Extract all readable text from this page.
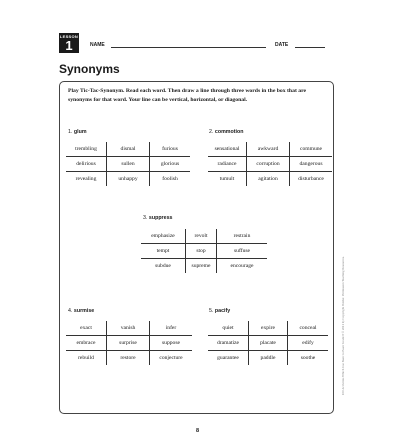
LESSON
1	NAME	DATE
Synonyms
Play Tic-Tac-Synonym. Read each word. Then draw a line through three words in the box that are synonyms for that word. Your line can be vertical, horizontal, or diagonal.
1. glum
trembling	dismal	furious
delirious	sullen	glorious
revealing	unhappy	foolish
2. commotion
sensational	awkward	commune
radiance	corruption	dangerous
tumult	agitation	disturbance
3. suppress
emphasize	revolt	restrain
tempt	stop	suffuse
subdue	supreme	encourage
4. surmise
exact	vanish	infer
embrace	surprise	suppose
rebuild	restore	conjecture
5. pacify
quiet	expire	conceal
dramatize	placate	edify
guarantee	paddle	soothe
8
100 Activities Which Use Basic to Basic Grade 8 © 2011 by Copyright Holder. Permission Teaching Resources.
